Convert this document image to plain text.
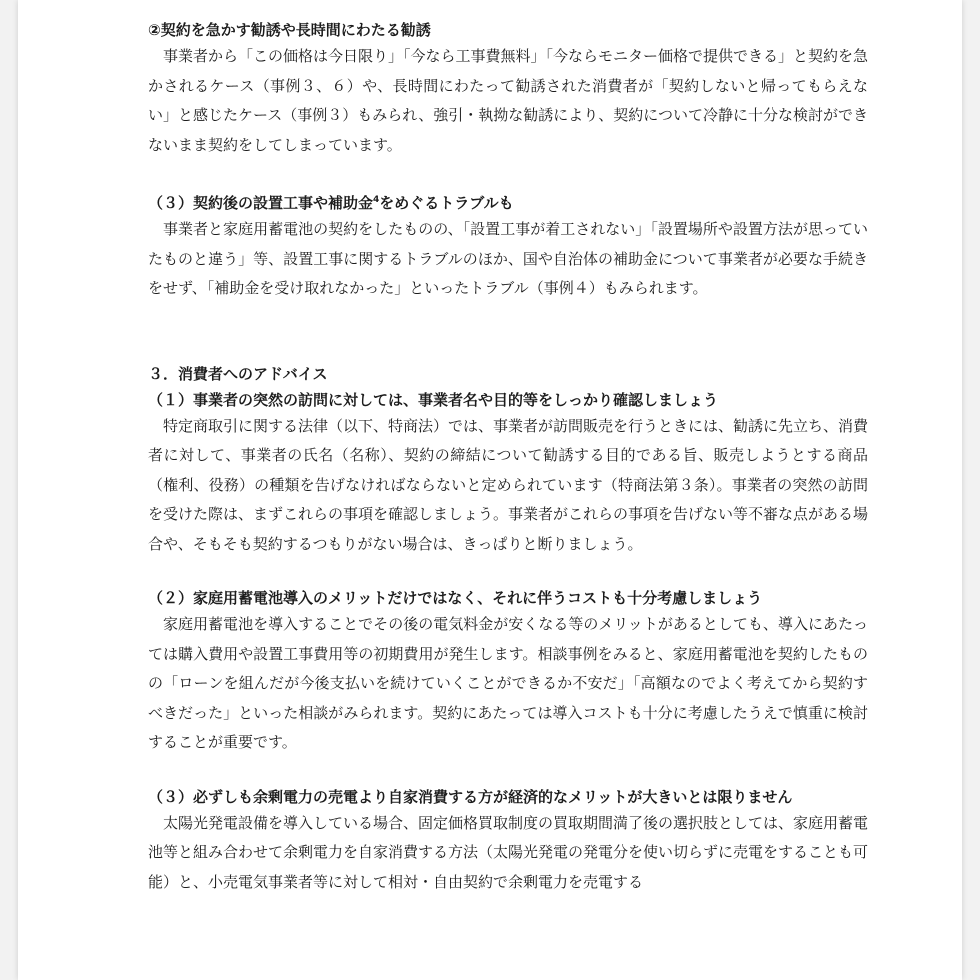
②契約を急かす勧誘や長時間にわたる勧誘

事業者から「この価格は今日限り」「今なら工事費無料」「今ならモニター価格で提供できる」と契約を急かされるケース（事例３、６）や、長時間にわたって勧誘された消費者が「契約しないと帰ってもらえない」と感じたケース（事例３）もみられ、強引・執拗な勧誘により、契約について冷静に十分な検討ができないまま契約をしてしまっています。

（３）契約後の設置工事や補助金$^4$をめぐるトラブルも

事業者と家庭用蓄電池の契約をしたものの、「設置工事が着工されない」「設置場所や設置方法が思っていたものと違う」等、設置工事に関するトラブルのほか、国や自治体の補助金について事業者が必要な手続きをせず、「補助金を受け取れなかった」といったトラブル（事例４）もみられます。

３．消費者へのアドバイス
（１）事業者の突然の訪問に対しては、事業者名や目的等をしっかり確認しましょう

特定商取引に関する法律（以下、特商法）では、事業者が訪問販売を行うときには、勧誘に先立ち、消費者に対して、事業者の氏名（名称）、契約の締結について勧誘する目的である旨、販売しようとする商品（権利、役務）の種類を告げなければならないと定められています（特商法第３条）。事業者の突然の訪問を受けた際は、まずこれらの事項を確認しましょう。事業者がこれらの事項を告げない等不審な点がある場合や、そもそも契約するつもりがない場合は、きっぱりと断りましょう。

（２）家庭用蓄電池導入のメリットだけではなく、それに伴うコストも十分考慮しましょう

家庭用蓄電池を導入することでその後の電気料金が安くなる等のメリットがあるとしても、導入にあたっては購入費用や設置工事費用等の初期費用が発生します。相談事例をみると、家庭用蓄電池を契約したものの「ローンを組んだが今後支払いを続けていくことができるか不安だ」「高額なのでよく考えてから契約すべきだった」といった相談がみられます。契約にあたっては導入コストも十分に考慮したうえで慎重に検討することが重要です。

（３）必ずしも余剰電力の売電より自家消費する方が経済的なメリットが大きいとは限りません

太陽光発電設備を導入している場合、固定価格買取制度の買取期間満了後の選択肢としては、家庭用蓄電池等と組み合わせて余剰電力を自家消費する方法（太陽光発電の発電分を使い切らずに売電をすることも可能）と、小売電気事業者等に対して相対・自由契約で余剰電力を売電する
